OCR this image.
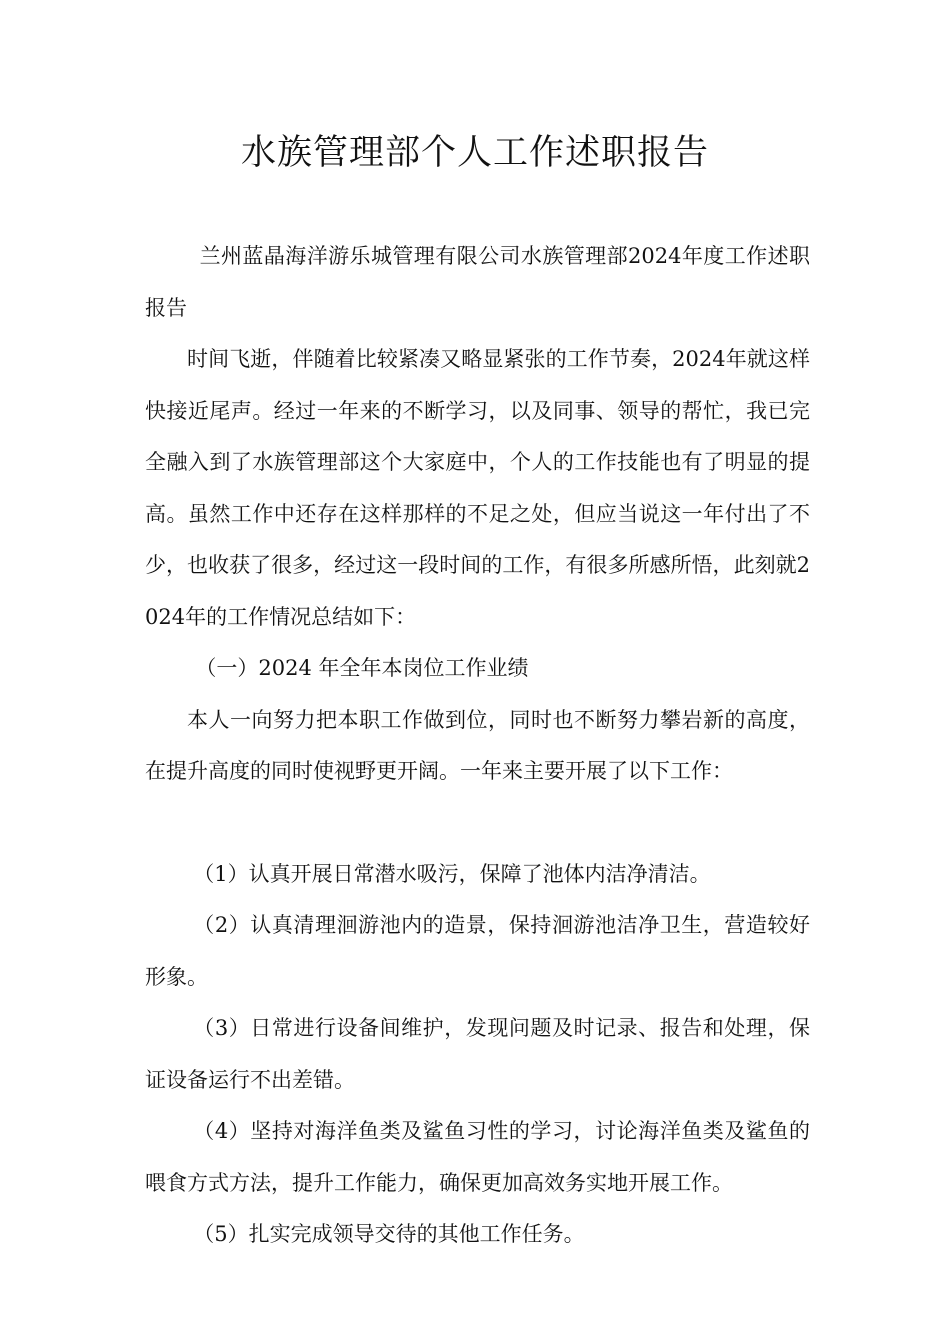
水族管理部个人工作述职报告

兰州蓝晶海洋游乐城管理有限公司水族管理部2024年度工作述职报告

时间飞逝，伴随着比较紧凑又略显紧张的工作节奏，2024年就这样快接近尾声。经过一年来的不断学习，以及同事、领导的帮忙，我已完全融入到了水族管理部这个大家庭中，个人的工作技能也有了明显的提高。虽然工作中还存在这样那样的不足之处，但应当说这一年付出了不少，也收获了很多，经过这一段时间的工作，有很多所感所悟，此刻就2024年的工作情况总结如下：

（一）2024 年全年本岗位工作业绩

本人一向努力把本职工作做到位，同时也不断努力攀岩新的高度，在提升高度的同时使视野更开阔。一年来主要开展了以下工作：

（1）认真开展日常潜水吸污，保障了池体内洁净清洁。

（2）认真清理洄游池内的造景，保持洄游池洁净卫生，营造较好形象。

（3）日常进行设备间维护，发现问题及时记录、报告和处理，保证设备运行不出差错。

（4）坚持对海洋鱼类及鲨鱼习性的学习，讨论海洋鱼类及鲨鱼的喂食方式方法，提升工作能力，确保更加高效务实地开展工作。

（5）扎实完成领导交待的其他工作任务。
